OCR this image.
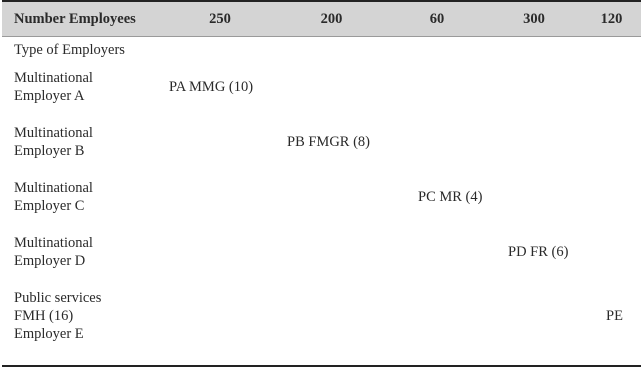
Number Employees	250	200	60	300	120
Type of Employers					

Multinational
Employer A	PA MMG (10)				

Multinational
Employer B		PB FMGR (8)			

Multinational
Employer C			PC MR (4)		

Multinational
Employer D				PD FR (6)	

Public services
FMH (16)
Employer E					PE
